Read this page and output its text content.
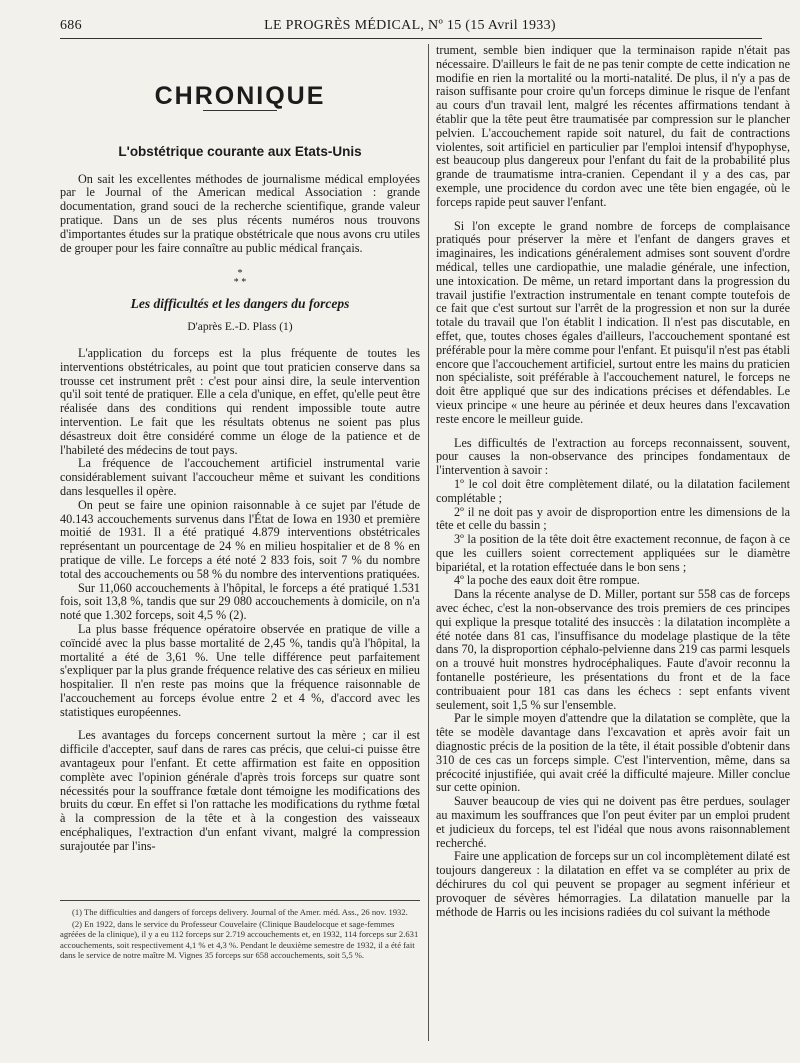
686	LE PROGRÈS MÉDICAL, Nº 15 (15 Avril 1933)
CHRONIQUE
L'obstétrique courante aux Etats-Unis

On sait les excellentes méthodes de journalisme médical employées par le Journal of the American medical Association : grande documentation, grand souci de la recherche scientifique, grande valeur pratique. Dans un de ses plus récents numéros nous trouvons d'importantes études sur la pratique obstétricale que nous avons cru utiles de grouper pour les faire connaître au public médical français.

*
* *
Les difficultés et les dangers du forceps
D'après E.-D. Plass (1)

L'application du forceps est la plus fréquente de toutes les interventions obstétricales, au point que tout praticien conserve dans sa trousse cet instrument prêt : c'est pour ainsi dire, la seule intervention qu'il soit tenté de pratiquer. Elle a cela d'unique, en effet, qu'elle peut être réalisée dans des conditions qui rendent impossible toute autre intervention. Le fait que les résultats obtenus ne soient pas plus désastreux doit être considéré comme un éloge de la patience et de l'habileté des médecins de tout pays.

La fréquence de l'accouchement artificiel instrumental varie considérablement suivant l'accoucheur même et suivant les conditions dans lesquelles il opère.

On peut se faire une opinion raisonnable à ce sujet par l'étude de 40.143 accouchements survenus dans l'État de Iowa en 1930 et première moitié de 1931. Il a été pratiqué 4.879 interventions obstétricales représentant un pourcentage de 24 % en milieu hospitalier et de 8 % en pratique de ville. Le forceps a été noté 2 833 fois, soit 7 % du nombre total des accouchements ou 58 % du nombre des interventions pratiquées.

Sur 11,060 accouchements à l'hôpital, le forceps a été pratiqué 1.531 fois, soit 13,8 %, tandis que sur 29 080 accouchements à domicile, on n'a noté que 1.302 forceps, soit 4,5 % (2).

La plus basse fréquence opératoire observée en pratique de ville a coïncidé avec la plus basse mortalité de 2,45 %, tandis qu'à l'hôpital, la mortalité a été de 3,61 %. Une telle différence peut parfaitement s'expliquer par la plus grande fréquence relative des cas sérieux en milieu hospitalier. Il n'en reste pas moins que la fréquence raisonnable de l'accouchement au forceps évolue entre 2 et 4 %, d'accord avec les statistiques européennes.

Les avantages du forceps concernent surtout la mère ; car il est difficile d'accepter, sauf dans de rares cas précis, que celui-ci puisse être avantageux pour l'enfant. Et cette affirmation est faite en opposition complète avec l'opinion générale d'après trois forceps sur quatre sont nécessités pour la souffrance fœtale dont témoigne les modifications des bruits du cœur. En effet si l'on rattache les modifications du rythme fœtal à la compression de la tête et à la congestion des vaisseaux encéphaliques, l'extraction d'un enfant vivant, malgré la compression surajoutée par l'ins-

(1) The difficulties and dangers of forceps delivery. Journal of the Amer. méd. Ass., 26 nov. 1932.

(2) En 1922, dans le service du Professeur Couvelaire (Clinique Baudelocque et sage-femmes agréées de la clinique), il y a eu 112 forceps sur 2.719 accouchements et, en 1932, 114 forceps sur 2.631 accouchements, soit respectivement 4,1 % et 4,3 %. Pendant le deuxième semestre de 1932, il a été fait dans le service de notre maître M. Vignes 35 forceps sur 658 accouchements, soit 5,5 %.

trument, semble bien indiquer que la terminaison rapide n'était pas nécessaire. D'ailleurs le fait de ne pas tenir compte de cette indication ne modifie en rien la mortalité ou la morti-natalité. De plus, il n'y a pas de raison suffisante pour croire qu'un forceps diminue le risque de l'enfant au cours d'un travail lent, malgré les récentes affirmations tendant à établir que la tête peut être traumatisée par compression sur le plancher pelvien. L'accouchement rapide soit naturel, du fait de contractions violentes, soit artificiel en particulier par l'emploi intensif d'hypophyse, est beaucoup plus dangereux pour l'enfant du fait de la probabilité plus grande de traumatisme intra-cranien. Cependant il y a des cas, par exemple, une procidence du cordon avec une tête bien engagée, où le forceps rapide peut sauver l'enfant.

Si l'on excepte le grand nombre de forceps de complaisance pratiqués pour préserver la mère et l'enfant de dangers graves et imaginaires, les indications généralement admises sont souvent d'ordre médical, telles une cardiopathie, une maladie générale, une infection, une intoxication. De même, un retard important dans la progression du travail justifie l'extraction instrumentale en tenant compte toutefois de ce fait que c'est surtout sur l'arrêt de la progression et non sur la durée totale du travail que l'on établit l indication. Il n'est pas discutable, en effet, que, toutes choses égales d'ailleurs, l'accouchement spontané est préférable pour la mère comme pour l'enfant. Et puisqu'il n'est pas établi encore que l'accouchement artificiel, surtout entre les mains du praticien non spécialiste, soit préférable à l'accouchement naturel, le forceps ne doit être appliqué que sur des indications précises et défendables. Le vieux principe « une heure au périnée et deux heures dans l'excavation reste encore le meilleur guide.

Les difficultés de l'extraction au forceps reconnaissent, souvent, pour causes la non-observance des principes fondamentaux de l'intervention à savoir :

1º le col doit être complètement dilaté, ou la dilatation facilement complétable ;

2º il ne doit pas y avoir de disproportion entre les dimensions de la tête et celle du bassin ;

3º la position de la tête doit être exactement reconnue, de façon à ce que les cuillers soient correctement appliquées sur le diamètre bipariétal, et la rotation effectuée dans le bon sens ;

4º la poche des eaux doit être rompue.

Dans la récente analyse de D. Miller, portant sur 558 cas de forceps avec échec, c'est la non-observance des trois premiers de ces principes qui explique la presque totalité des insuccès : la dilatation incomplète a été notée dans 81 cas, l'insuffisance du modelage plastique de la tête dans 70, la disproportion céphalo-pelvienne dans 219 cas parmi lesquels on a trouvé huit monstres hydrocéphaliques. Faute d'avoir reconnu la fontanelle postérieure, les présentations du front et de la face contribuaient pour 181 cas dans les échecs : sept enfants vivent seulement, soit 1,5 % sur l'ensemble.

Par le simple moyen d'attendre que la dilatation se complète, que la tête se modèle davantage dans l'excavation et après avoir fait un diagnostic précis de la position de la tête, il était possible d'obtenir dans 310 de ces cas un forceps simple. C'est l'intervention, même, dans sa précocité injustifiée, qui avait créé la difficulté majeure. Miller conclue sur cette opinion.

Sauver beaucoup de vies qui ne doivent pas être perdues, soulager au maximum les souffrances que l'on peut éviter par un emploi prudent et judicieux du forceps, tel est l'idéal que nous avons raisonnablement recherché.

Faire une application de forceps sur un col incomplètement dilaté est toujours dangereux : la dilatation en effet va se compléter au prix de déchirures du col qui peuvent se propager au segment inférieur et provoquer de sévères hémorragies. La dilatation manuelle par la méthode de Harris ou les incisions radiées du col suivant la méthode
